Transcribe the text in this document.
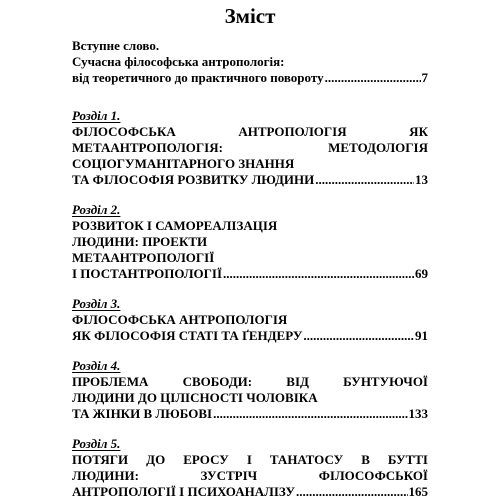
Зміст
Вступне слово.
Сучасна філософська антропологія:
від теоретичного до практичного повороту .....	7
Розділ 1.
ФІЛОСОФСЬКА АНТРОПОЛОГІЯ ЯК
МЕТААНТРОПОЛОГІЯ: МЕТОДОЛОГІЯ
СОЦІОГУМАНІТАРНОГО ЗНАННЯ
ТА ФІЛОСОФІЯ РОЗВИТКУ ЛЮДИНИ .....	13
Розділ 2.
РОЗВИТОК І САМОРЕАЛІЗАЦІЯ
ЛЮДИНИ: ПРОЕКТИ
МЕТААНТРОПОЛОГІЇ
І ПОСТАНТРОПОЛОГІЇ .....	69
Розділ 3.
ФІЛОСОФСЬКА АНТРОПОЛОГІЯ
ЯК ФІЛОСОФІЯ СТАТІ ТА ҐЕНДЕРУ .....	91
Розділ 4.
ПРОБЛЕМА СВОБОДИ: ВІД БУНТУЮЧОЇ
ЛЮДИНИ ДО ЦІЛІСНОСТІ ЧОЛОВІКА
ТА ЖІНКИ В ЛЮБОВІ .....	133
Розділ 5.
ПОТЯГИ ДО ЕРОСУ І ТАНАТОСУ В БУТТІ
ЛЮДИНИ: ЗУСТРІЧ ФІЛОСОФСЬКОЇ
АНТРОПОЛОГІЇ І ПСИХОАНАЛІЗУ .....	165
